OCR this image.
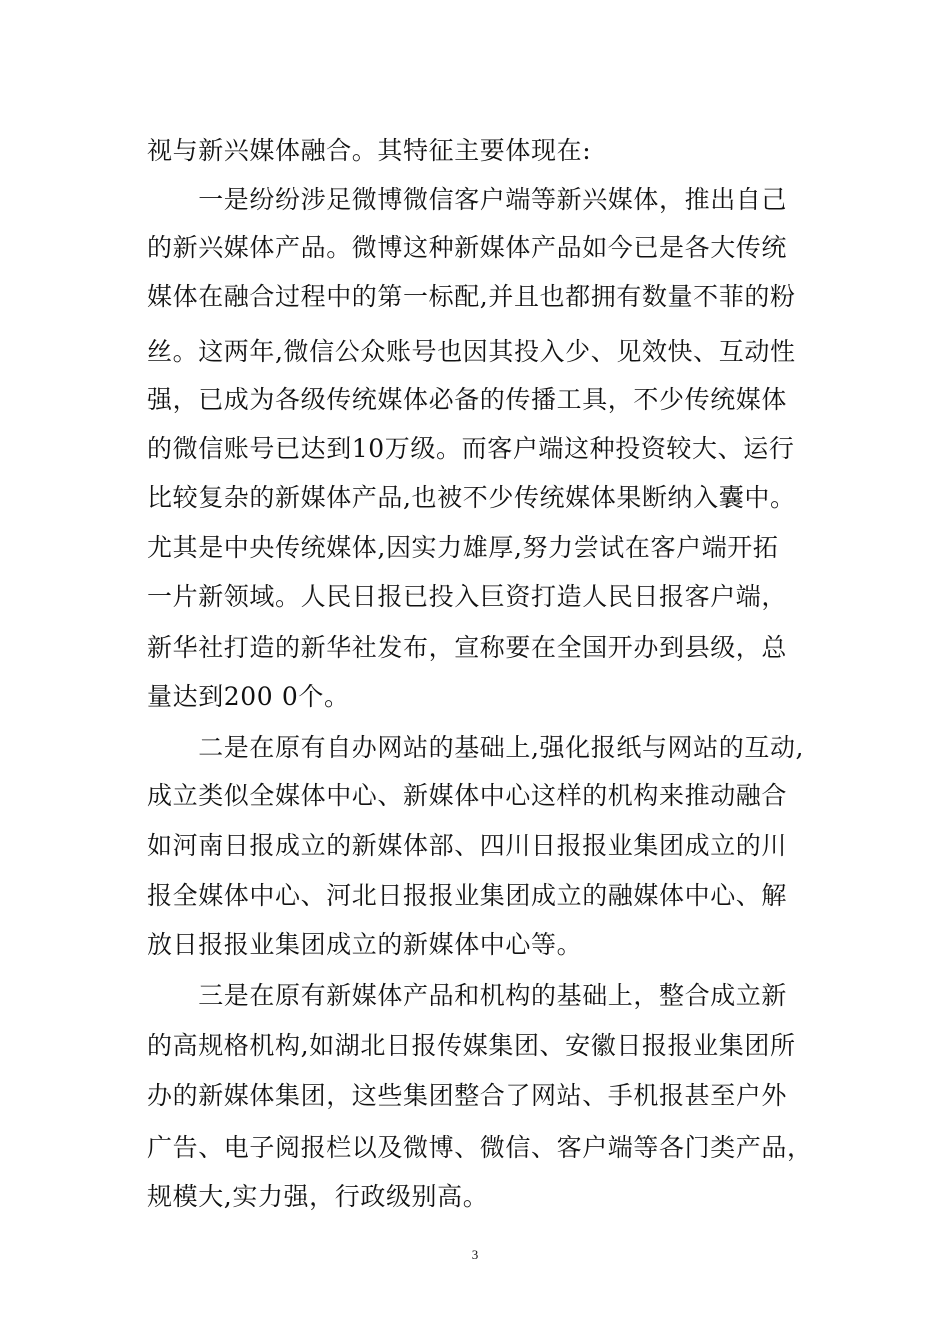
视与新兴媒体融合。其特征主要体现在:
　　一是纷纷涉足微博微信客户端等新兴媒体，推出自己
的新兴媒体产品。微博这种新媒体产品如今已是各大传统
媒体在融合过程中的第一标配,并且也都拥有数量不菲的粉
丝。这两年,微信公众账号也因其投入少、见效快、互动性
强，已成为各级传统媒体必备的传播工具，不少传统媒体
的微信账号已达到10万级。而客户端这种投资较大、运行
比较复杂的新媒体产品,也被不少传统媒体果断纳入囊中。
尤其是中央传统媒体,因实力雄厚,努力尝试在客户端开拓
一片新领域。人民日报已投入巨资打造人民日报客户端，
新华社打造的新华社发布，宣称要在全国开办到县级，总
量达到200 0个。
　　二是在原有自办网站的基础上,强化报纸与网站的互动,
成立类似全媒体中心、新媒体中心这样的机构来推动融合
如河南日报成立的新媒体部、四川日报报业集团成立的川
报全媒体中心、河北日报报业集团成立的融媒体中心、解
放日报报业集团成立的新媒体中心等。
　　三是在原有新媒体产品和机构的基础上，整合成立新
的高规格机构,如湖北日报传媒集团、安徽日报报业集团所
办的新媒体集团，这些集团整合了网站、手机报甚至户外
广告、电子阅报栏以及微博、微信、客户端等各门类产品，
规模大,实力强，行政级别高。
3
